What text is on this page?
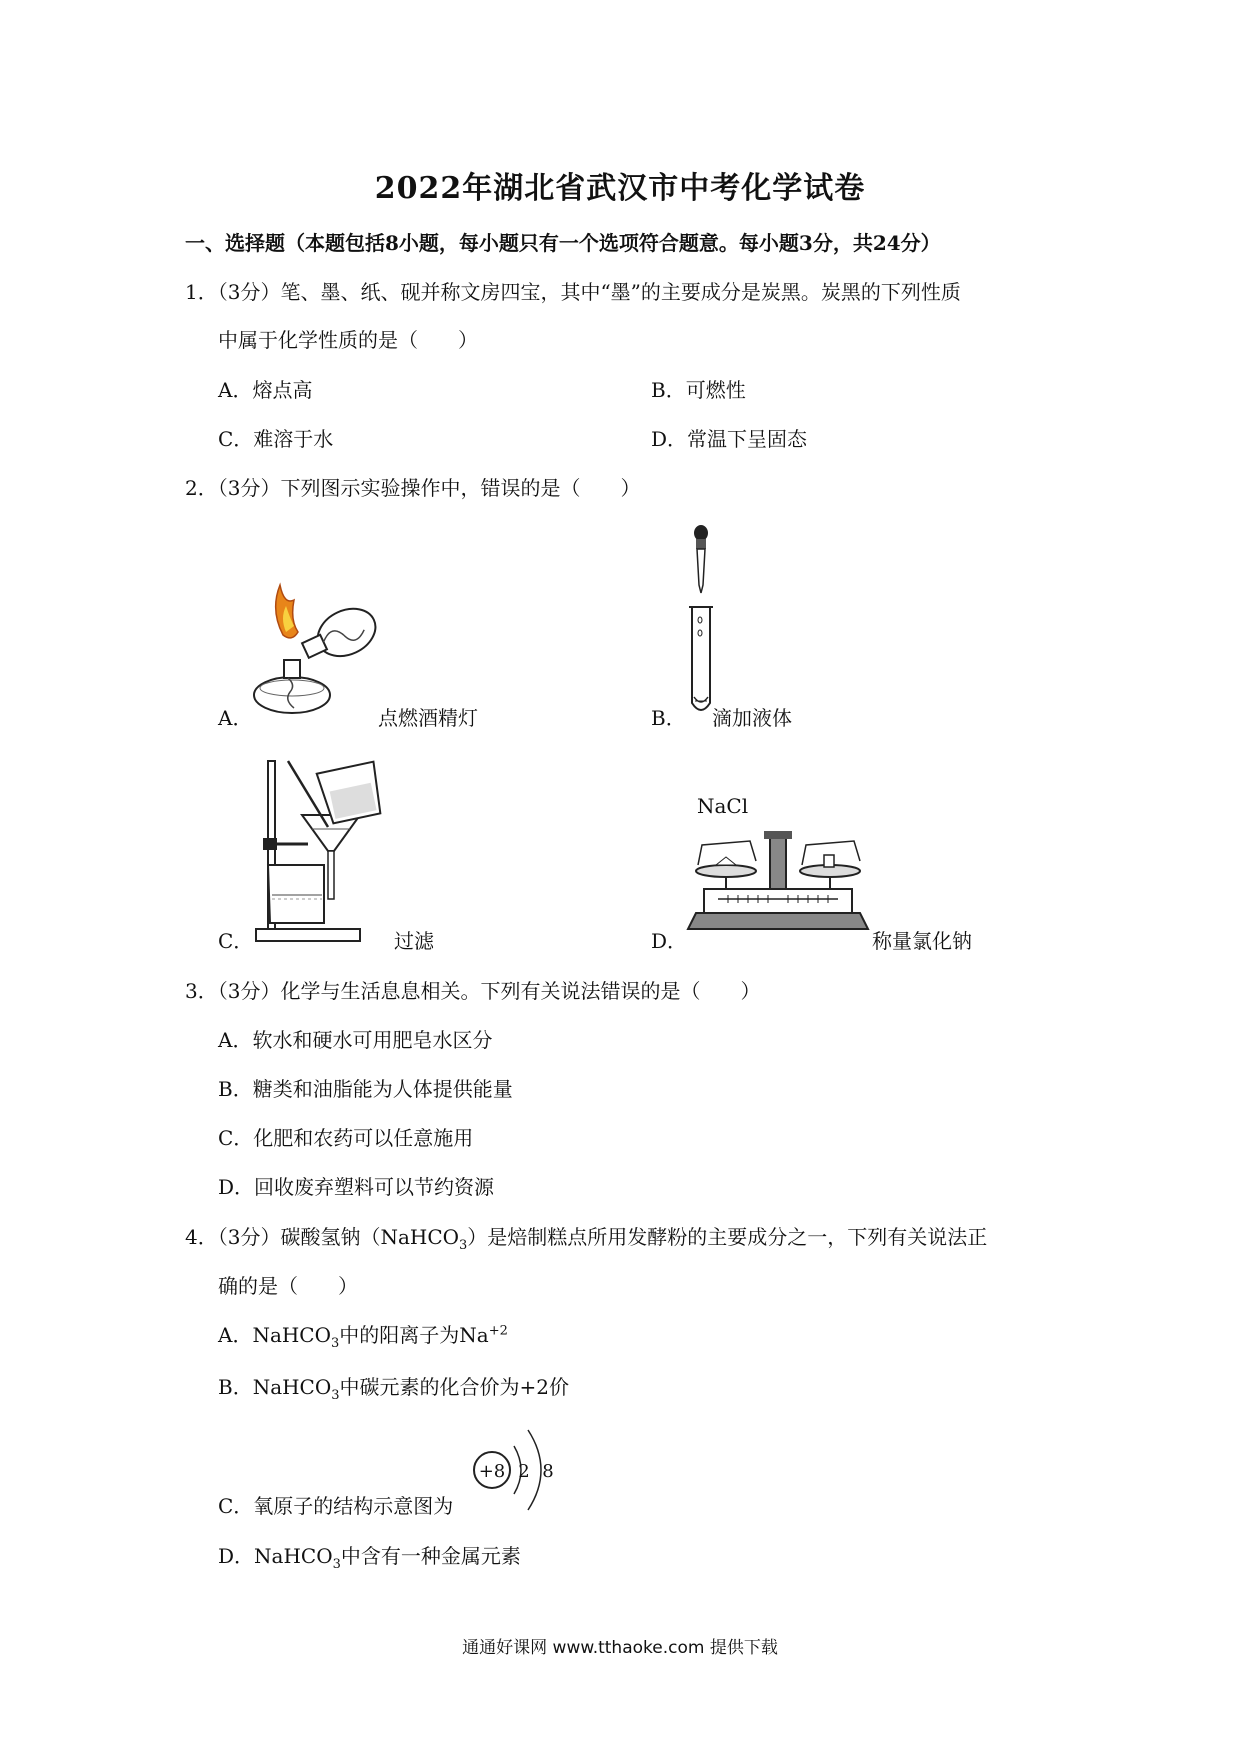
2022年湖北省武汉市中考化学试卷
一、选择题（本题包括8小题，每小题只有一个选项符合题意。每小题3分，共24分）
1．（3分）笔、墨、纸、砚并称文房四宝，其中“墨”的主要成分是炭黑。炭黑的下列性质
中属于化学性质的是（　　）
A．熔点高	B．可燃性
C．难溶于水	D．常温下呈固态
2．（3分）下列图示实验操作中，错误的是（　　）
A．	点燃酒精灯	B． 滴加液体
C．	过滤
NaCl
D．	称量氯化钠
3．（3分）化学与生活息息相关。下列有关说法错误的是（　　）
A．软水和硬水可用肥皂水区分
B．糖类和油脂能为人体提供能量
C．化肥和农药可以任意施用
D．回收废弃塑料可以节约资源
4．（3分）碳酸氢钠（NaHCO$_3$）是焙制糕点所用发酵粉的主要成分之一，下列有关说法正
确的是（　　）
A．NaHCO$_3$中的阳离子为$Na^{+2}$
B．NaHCO$_3$中碳元素的化合价为+2价
+8 2 8
C．氧原子的结构示意图为
D．NaHCO$_3$中含有一种金属元素
通通好课网 www.tthaoke.com 提供下载
